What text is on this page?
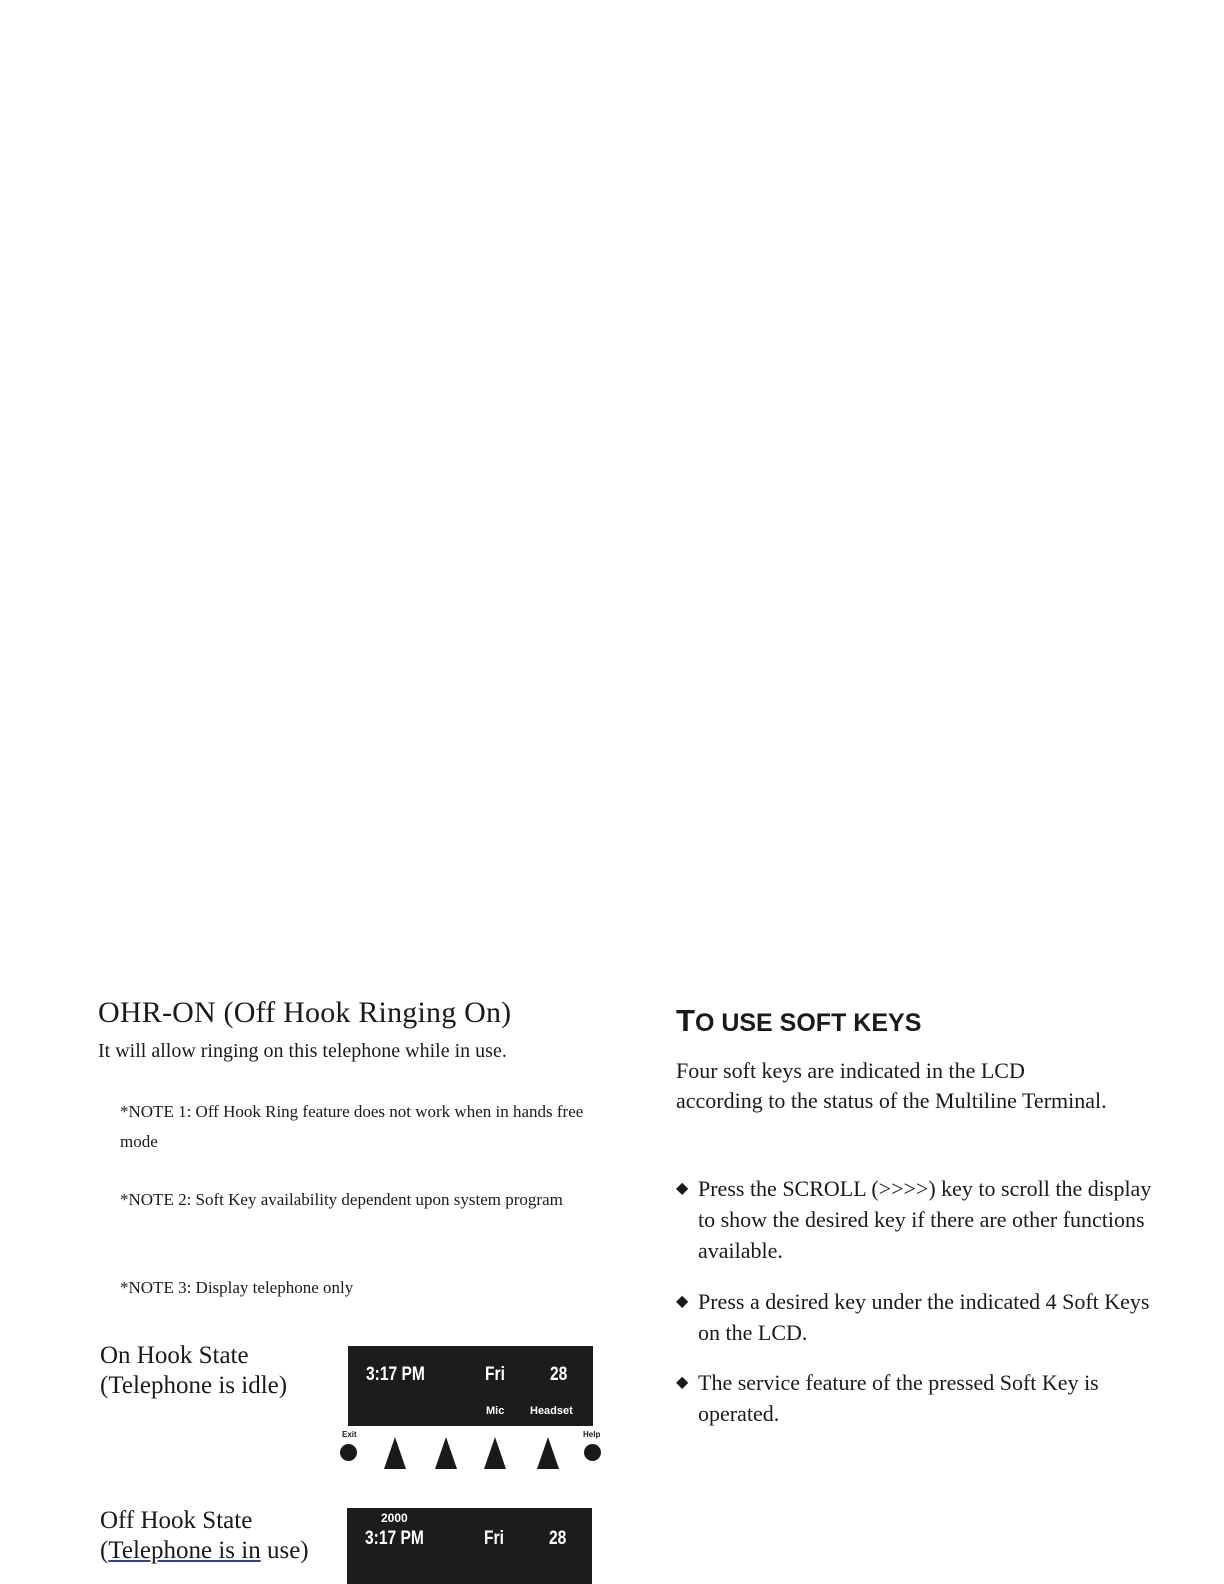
OHR-ON (Off Hook Ringing On)
It will allow ringing on this telephone while in use.
*NOTE 1: Off Hook Ring feature does not work when in hands free mode
*NOTE 2: Soft Key availability dependent upon system program
*NOTE 3: Display telephone only
On Hook State
(Telephone is idle)	3:17 PM	Fri 28
Mic Headset
Exit	Help
Off Hook State
(Telephone is in use)
2000
3:17 PM	Fri 28
TO USE SOFT KEYS
Four soft keys are indicated in the LCD according to the status of the Multiline Terminal.
◆ Press the SCROLL (>>>>) key to scroll the display to show the desired key if there are other functions available.
◆ Press a desired key under the indicated 4 Soft Keys on the LCD.
◆ The service feature of the pressed Soft Key is operated.
